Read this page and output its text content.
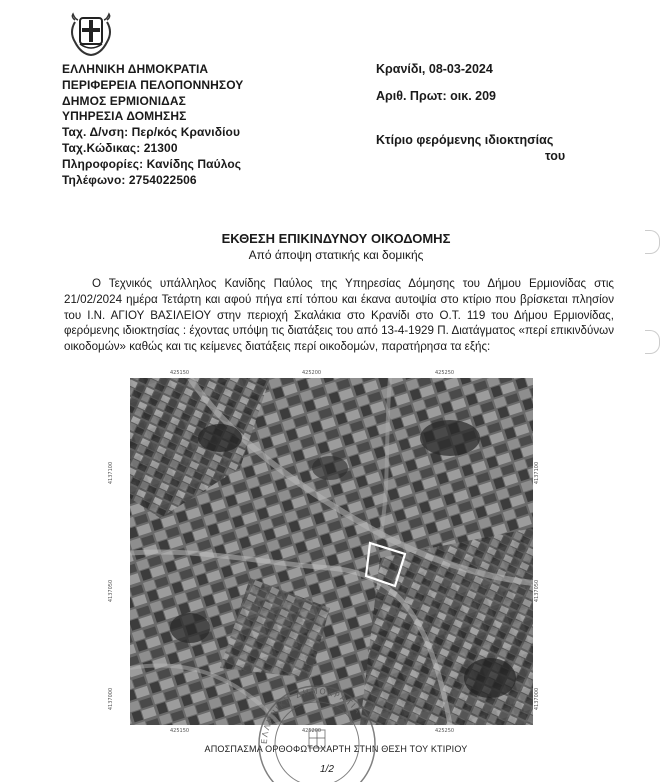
ΕΛΛΗΝΙΚΗ ΔΗΜΟΚΡΑΤΙΑ
ΠΕΡΙΦΕΡΕΙΑ ΠΕΛΟΠΟΝΝΗΣΟΥ
ΔΗΜΟΣ ΕΡΜΙΟΝΙΔΑΣ
ΥΠΗΡΕΣΙΑ ΔΟΜΗΣΗΣ
Ταχ. Δ/νση: Περ/κός Κρανιδίου
Ταχ.Κώδικας: 21300
Πληροφορίες: Κανίδης Παύλος
Τηλέφωνο: 2754022506
Κρανίδι, 08-03-2024
Αριθ. Πρωτ: οικ. 209
Κτίριο φερόμενης ιδιοκτησίας
του
ΕΚΘΕΣΗ ΕΠΙΚΙΝΔΥΝΟΥ ΟΙΚΟΔΟΜΗΣ
Από άποψη στατικής και δομικής
Ο Τεχνικός υπάλληλος Κανίδης Παύλος της Υπηρεσίας Δόμησης του Δήμου Ερμιονίδας στις 21/02/2024 ημέρα Τετάρτη και αφού πήγα επί τόπου και έκανα αυτοψία στο κτίριο που βρίσκεται πλησίον του Ι.Ν. ΑΓΙΟΥ ΒΑΣΙΛΕΙΟΥ στην περιοχή Σκαλάκια στο Κρανίδι στο Ο.Τ. 119 του Δήμου Ερμιονίδας, φερόμενης ιδιοκτησίας : έχοντας υπόψη τις διατάξεις του από 13-4-1929 Π. Διατάγματος «περί επικινδύνων οικοδομών» καθώς και τις κείμενες διατάξεις περί οικοδομών, παρατήρησα τα εξής:
425150	425200	425250
425150	425200	425250
4137100
4137050
4137000
4137100
4137050
4137000
ΑΠΟΣΠΑΣΜΑ ΟΡΘΟΦΩΤΟΧΑΡΤΗ ΣΤΗΝ ΘΕΣΗ ΤΟΥ ΚΤΙΡΙΟΥ
1/2
ΕΛΛΗΝΙΚΗ ΔΗΜΟΚΡΑΤΙΑ
